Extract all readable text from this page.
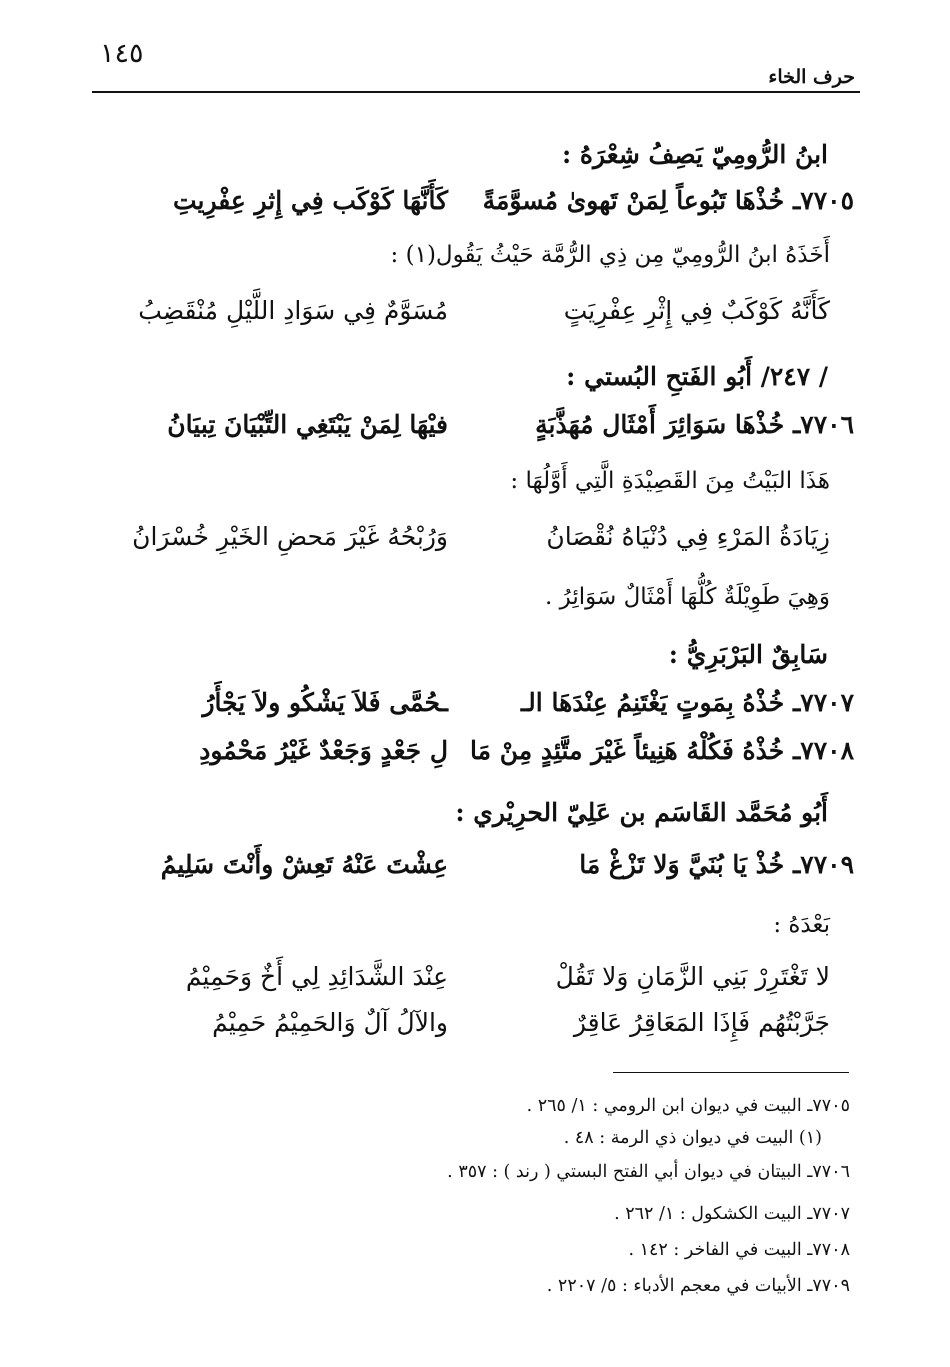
١٤٥
حرف الخاء
ابنُ الرُّومِيّ يَصِفُ شِعْرَهُ :
٧٧٠٥ـ خُذْهَا تَبُوعاً لِمَنْ تَهوىٰ مُسوَّمَةً
كَأَنَّهَا كَوْكَب فِي إِثرِ عِفْرِيتِ
أَخَذَهُ ابنُ الرُّومِيّ مِن ذِي الرُّمَّة حَيْثُ يَقُول(١) :
كَأَنَّهُ كَوْكَبٌ فِي إِثْرِ عِفْرِيَتٍ
مُسَوَّمٌ فِي سَوَادِ اللَّيْلِ مُنْقَضِبُ
/ ٢٤٧/ أَبُو الفَتحِ البُستي :
٧٧٠٦ـ خُذْهَا سَوَائِرَ أَمْثَال مُهَذَّبَةٍ
فيْهَا لِمَنْ يَبْتَغِي التِّبْيَانَ تِبيَانُ
هَذَا البَيْتُ مِنَ القَصِيْدَةِ الَّتِي أَوَّلُهَا :
زِيَادَةُ المَرْءِ فِي دُنْيَاهُ نُقْصَانُ
وَرُبْحُهُ غَيْرَ مَحضِ الخَيْرِ خُسْرَانُ
وَهِيَ طَوِيْلَةٌ كُلُّهَا أَمْثَالٌ سَوَائِرُ .
سَابِقٌ البَرْبَرِيُّ :
٧٧٠٧ـ خُذْهُ بِمَوتٍ يَغْتَنِمُ عِنْدَهَا الـ
ـحُمَّى فَلاَ يَشْكُو ولاَ يَجْأَرُ
٧٧٠٨ـ خُذْهُ فَكُلْهُ هَنِيئاً غَيْرَ متَّئِدٍ مِنْ مَا
لِ جَعْدٍ وَجَعْدٌ غَيْرُ مَحْمُودِ
أَبُو مُحَمَّد القَاسَم بن عَلِيّ الحرِيْري :
٧٧٠٩ـ خُذْ يَا بُنَيَّ وَلا تَزْغْ مَا
عِشْتَ عَنْهُ تَعِشْ وأَنْتَ سَلِيمُ
بَعْدَهُ :
لا تَغْتَرِرْ بَنِي الزَّمَانِ وَلا تَقُلْ
عِنْدَ الشَّدَائِدِ لِي أَخٌ وَحَمِيْمُ
جَرَّبْتُهُم فَإِذَا المَعَاقِرُ عَاقِرٌ
والآلُ آلٌ وَالحَمِيْمُ حَمِيْمُ
٧٧٠٥ـ البيت في ديوان ابن الرومي : ١/ ٢٦٥ .
(١) البيت في ديوان ذي الرمة : ٤٨ .
٧٧٠٦ـ البيتان في ديوان أبي الفتح البستي ( رند ) : ٣٥٧ .
٧٧٠٧ـ البيت الكشكول : ١/ ٢٦٢ .
٧٧٠٨ـ البيت في الفاخر : ١٤٢ .
٧٧٠٩ـ الأبيات في معجم الأدباء : ٥/ ٢٢٠٧ .
